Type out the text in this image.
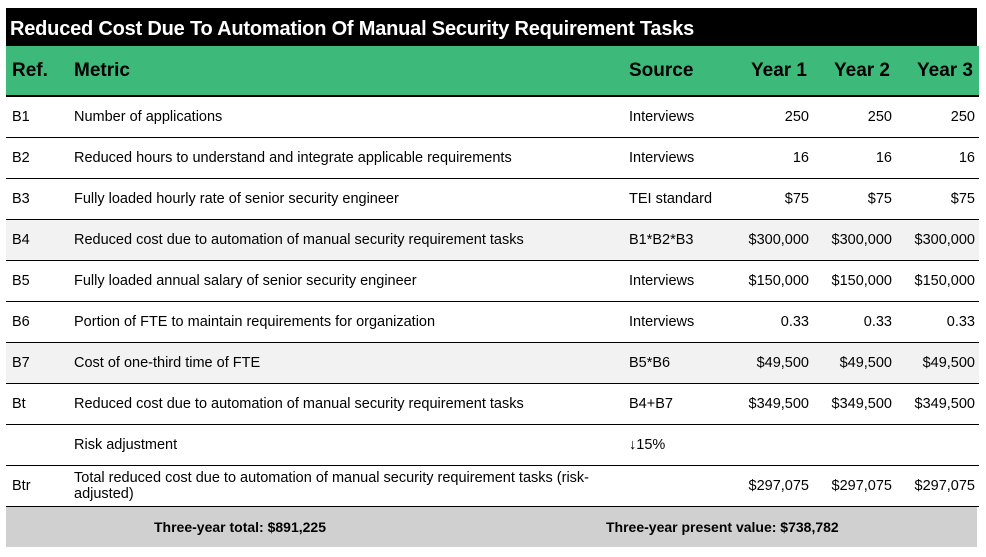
Reduced Cost Due To Automation Of Manual Security Requirement Tasks
Ref.	Metric	Source	Year 1	Year 2	Year 3
B1	Number of applications	Interviews	250	250	250
B2	Reduced hours to understand and integrate applicable requirements	Interviews	16	16	16
B3	Fully loaded hourly rate of senior security engineer	TEI standard	$75	$75	$75
B4	Reduced cost due to automation of manual security requirement tasks	B1*B2*B3	$300,000	$300,000	$300,000
B5	Fully loaded annual salary of senior security engineer	Interviews	$150,000	$150,000	$150,000
B6	Portion of FTE to maintain requirements for organization	Interviews	0.33	0.33	0.33
B7	Cost of one-third time of FTE	B5*B6	$49,500	$49,500	$49,500
Bt	Reduced cost due to automation of manual security requirement tasks	B4+B7	$349,500	$349,500	$349,500
	Risk adjustment	↓15%			
Btr	Total reduced cost due to automation of manual security requirement tasks (risk-adjusted)		$297,075	$297,075	$297,075
Three-year total: $891,225	Three-year present value: $738,782
